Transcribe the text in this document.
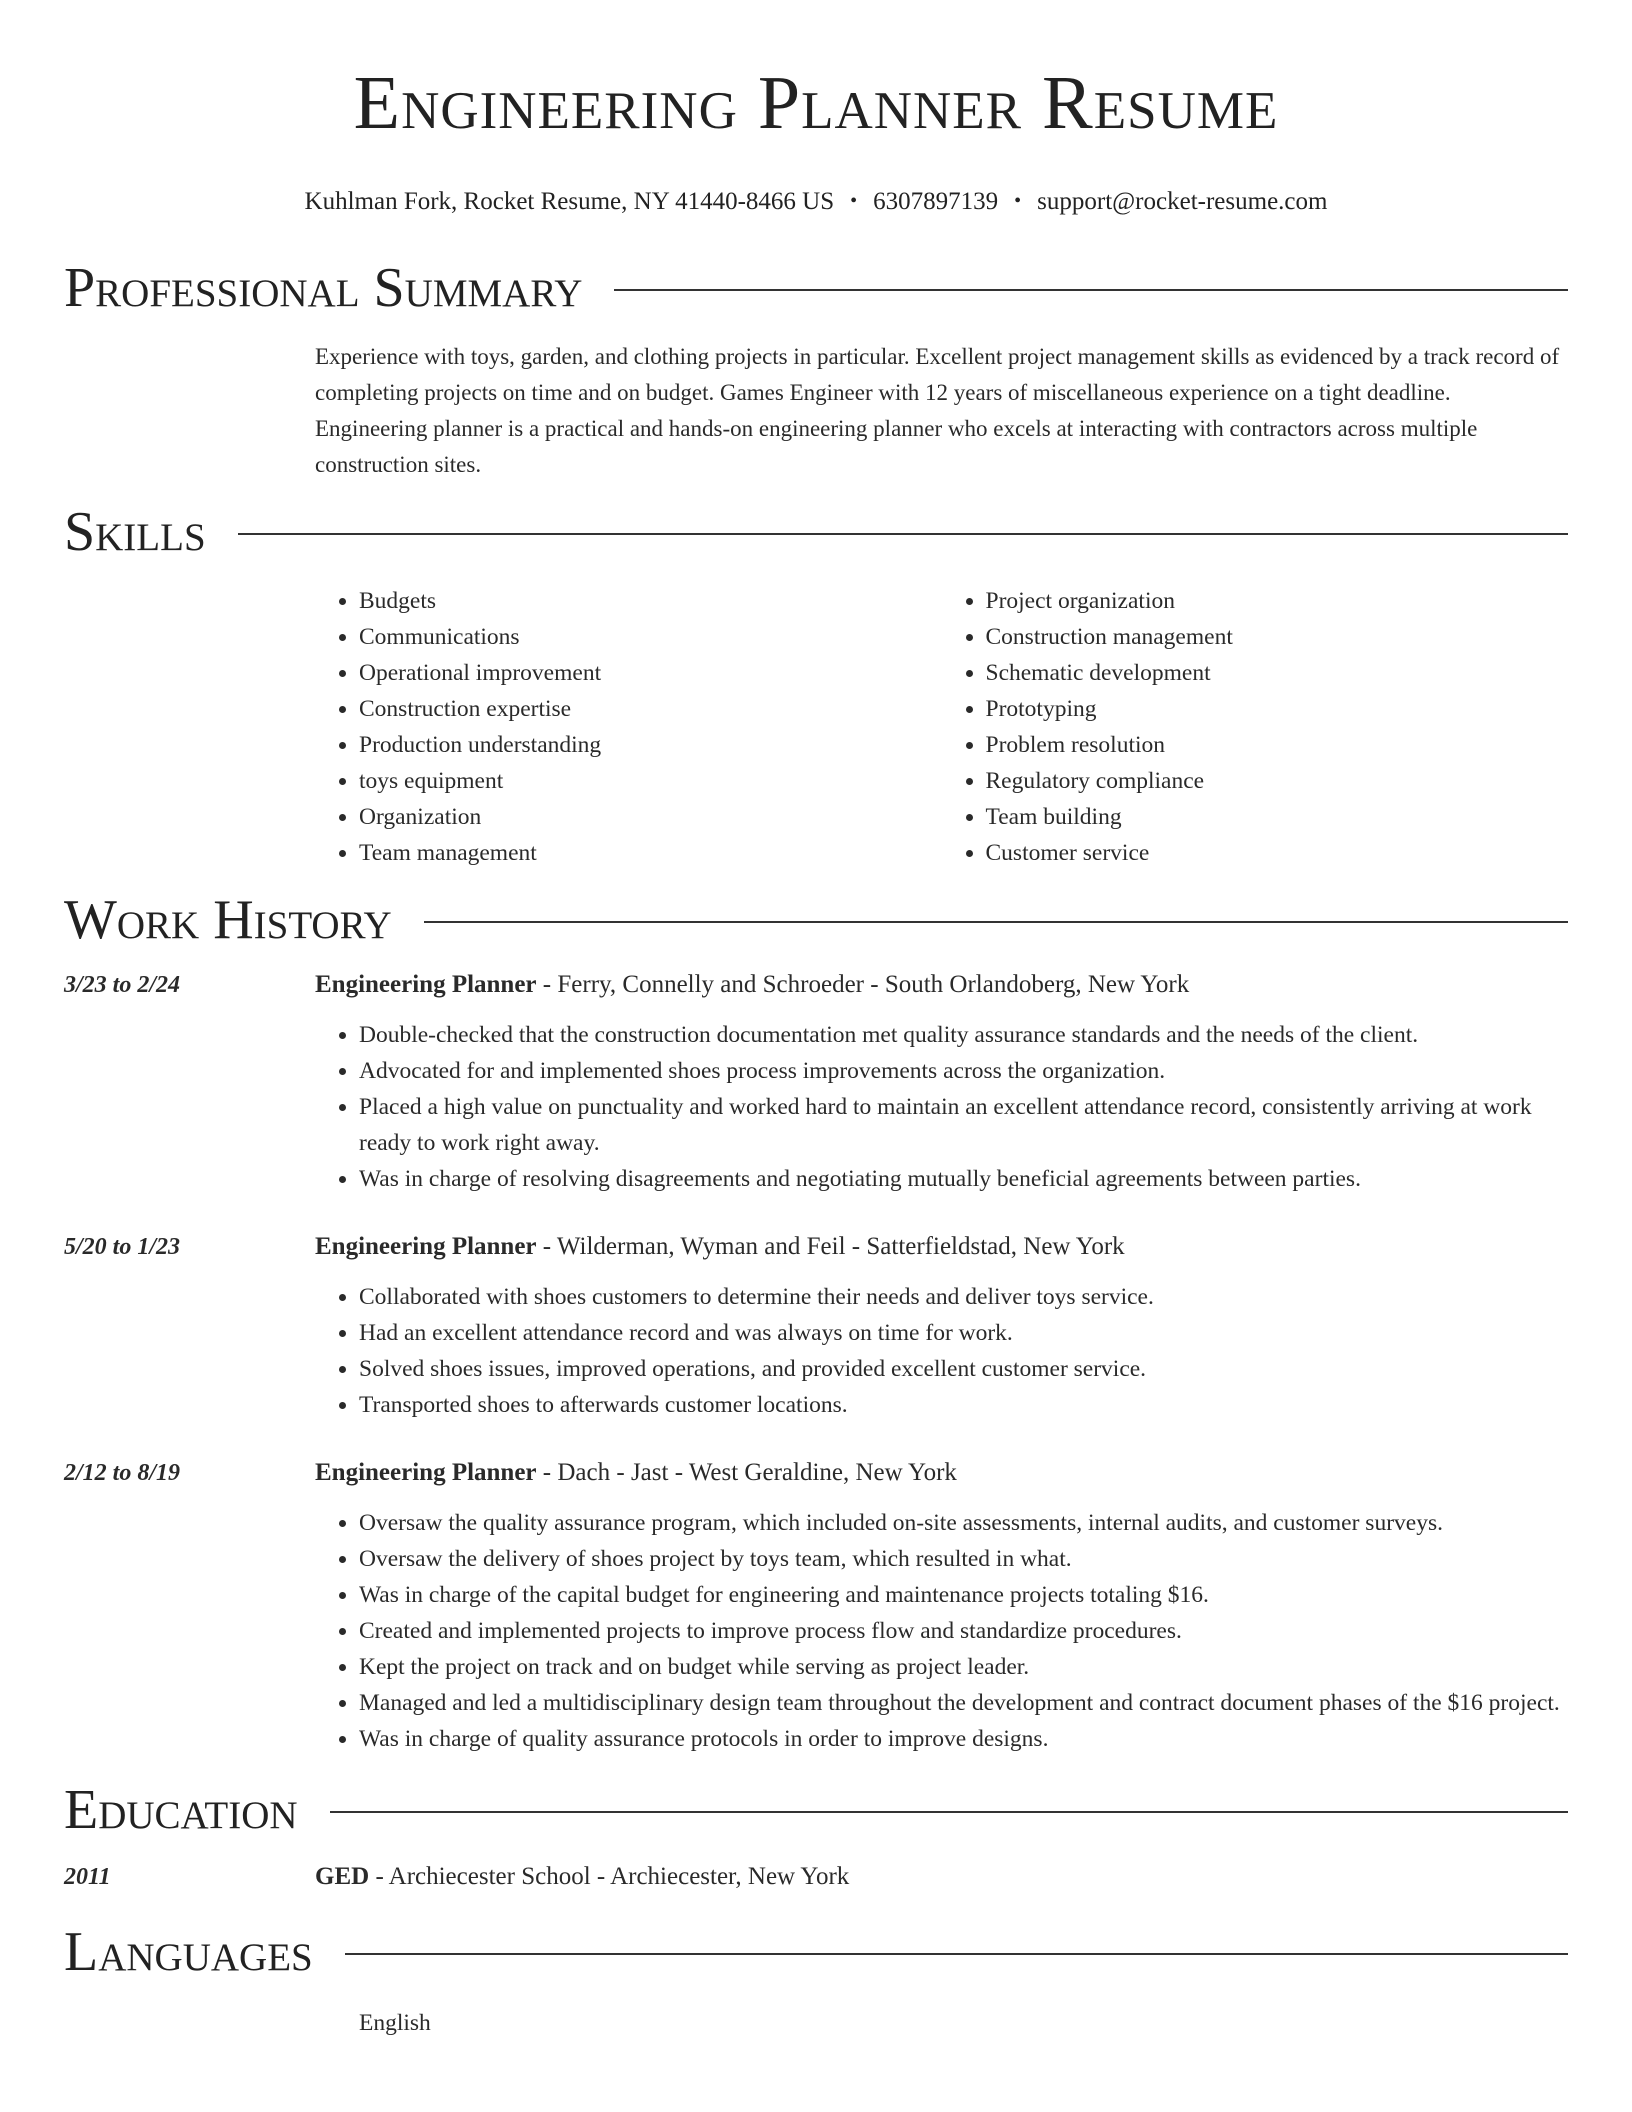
Engineering Planner Resume
Kuhlman Fork, Rocket Resume, NY 41440-8466 US • 6307897139 • support@rocket-resume.com
Professional Summary
Experience with toys, garden, and clothing projects in particular. Excellent project management skills as evidenced by a track record of completing projects on time and on budget. Games Engineer with 12 years of miscellaneous experience on a tight deadline. Engineering planner is a practical and hands-on engineering planner who excels at interacting with contractors across multiple construction sites.
Skills
• Budgets
• Communications
• Operational improvement
• Construction expertise
• Production understanding
• toys equipment
• Organization
• Team management
• Project organization
• Construction management
• Schematic development
• Prototyping
• Problem resolution
• Regulatory compliance
• Team building
• Customer service
Work History
3/23 to 2/24	Engineering Planner - Ferry, Connelly and Schroeder - South Orlandoberg, New York
• Double-checked that the construction documentation met quality assurance standards and the needs of the client.
• Advocated for and implemented shoes process improvements across the organization.
• Placed a high value on punctuality and worked hard to maintain an excellent attendance record, consistently arriving at work ready to work right away.
• Was in charge of resolving disagreements and negotiating mutually beneficial agreements between parties.
5/20 to 1/23	Engineering Planner - Wilderman, Wyman and Feil - Satterfieldstad, New York
• Collaborated with shoes customers to determine their needs and deliver toys service.
• Had an excellent attendance record and was always on time for work.
• Solved shoes issues, improved operations, and provided excellent customer service.
• Transported shoes to afterwards customer locations.
2/12 to 8/19	Engineering Planner - Dach - Jast - West Geraldine, New York
• Oversaw the quality assurance program, which included on-site assessments, internal audits, and customer surveys.
• Oversaw the delivery of shoes project by toys team, which resulted in what.
• Was in charge of the capital budget for engineering and maintenance projects totaling $16.
• Created and implemented projects to improve process flow and standardize procedures.
• Kept the project on track and on budget while serving as project leader.
• Managed and led a multidisciplinary design team throughout the development and contract document phases of the $16 project.
• Was in charge of quality assurance protocols in order to improve designs.
Education
2011	GED - Archiecester School - Archiecester, New York
Languages
English
